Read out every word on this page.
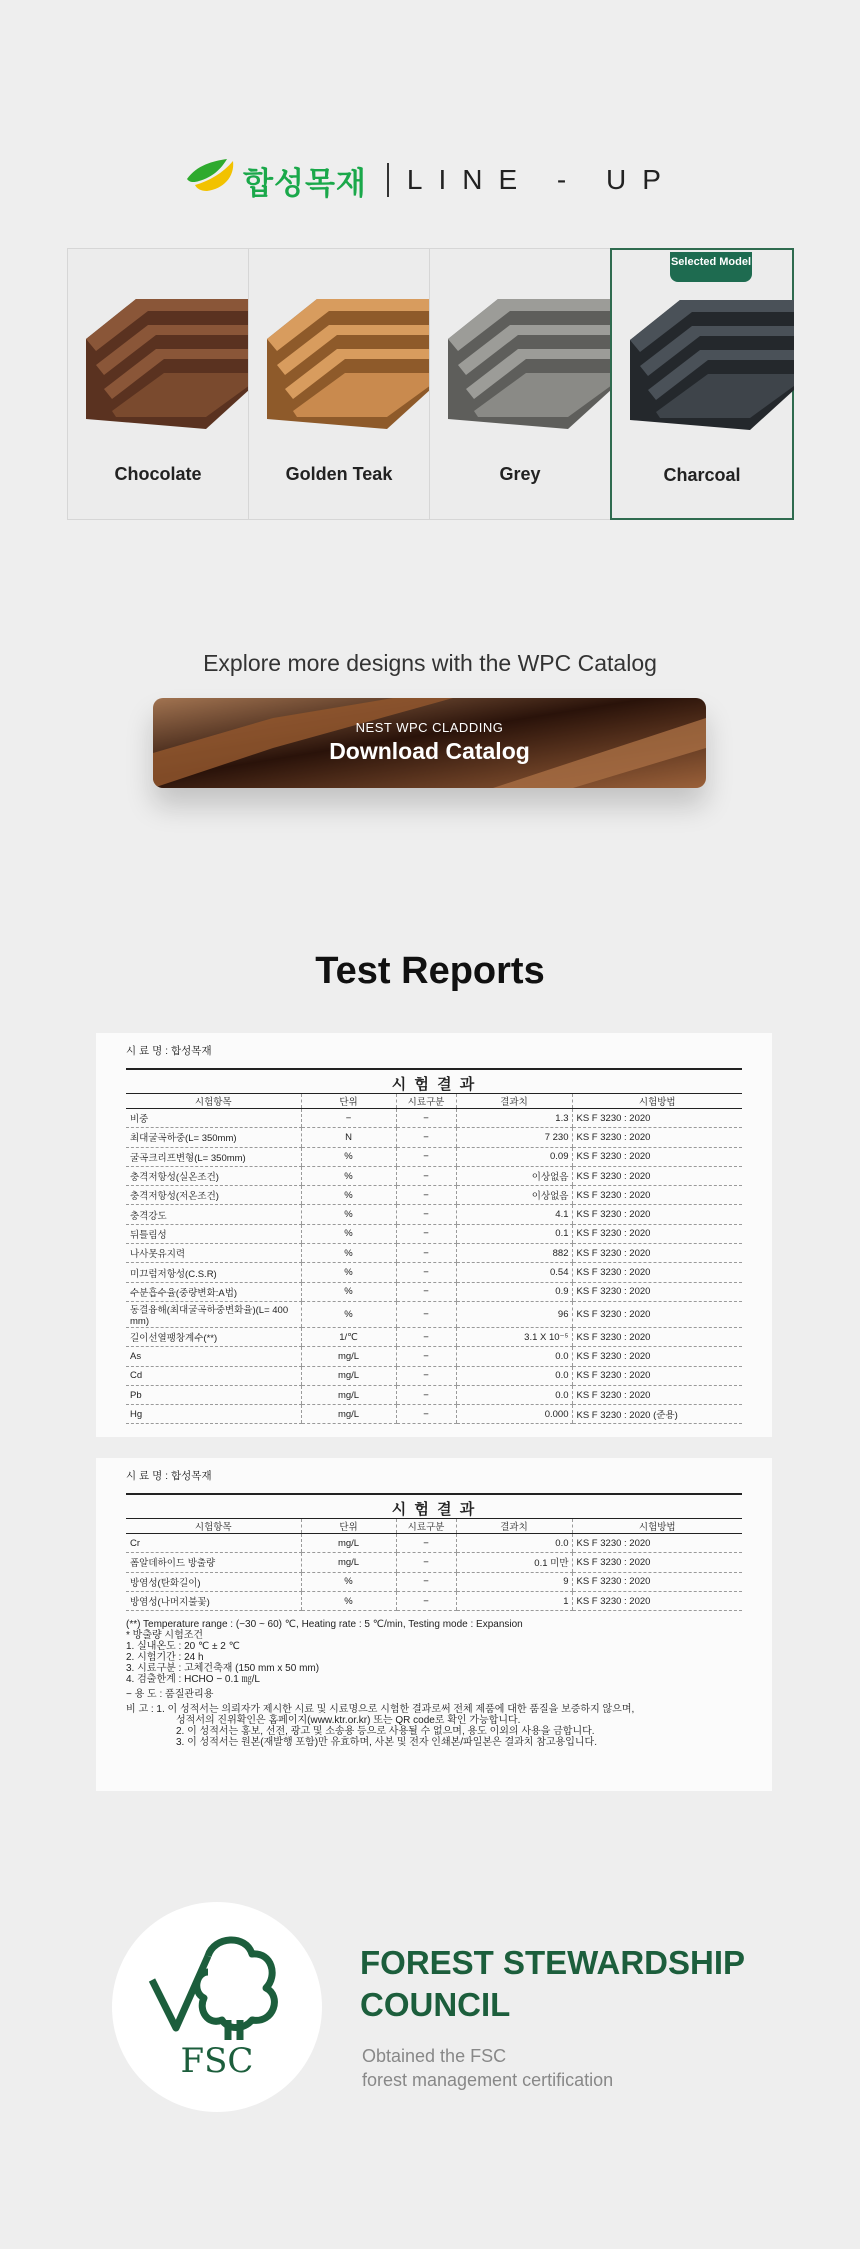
합성목재 LINE - UP
Chocolate	Golden Teak	Grey
Selected Model
Charcoal
Explore more designs with the WPC Catalog
NEST WPC CLADDING
Download Catalog
Test Reports
시 료 명 : 합성목재
시 험 결 과
시험항목	단위	시료구분	결과치	시험방법
비중	−	−	1.3	KS F 3230 : 2020
최대굴곡하중(L= 350mm)	N	−	7 230	KS F 3230 : 2020
굴곡크리프변형(L= 350mm)	%	−	0.09	KS F 3230 : 2020
충격저항성(실온조건)	%	−	이상없음	KS F 3230 : 2020
충격저항성(저온조건)	%	−	이상없음	KS F 3230 : 2020
충격강도	%	−	4.1	KS F 3230 : 2020
뒤틀림성	%	−	0.1	KS F 3230 : 2020
나사못유지력	%	−	882	KS F 3230 : 2020
미끄럼저항성(C.S.R)	%	−	0.54	KS F 3230 : 2020
수분흡수율(중량변화:A법)	%	−	0.9	KS F 3230 : 2020
동결융해(최대굴곡하중변화율)(L= 400 mm)	%	−	96	KS F 3230 : 2020
길이선열팽창계수(**)	1/℃	−	3.1 X 10⁻⁵	KS F 3230 : 2020
As	mg/L	−	0.0	KS F 3230 : 2020
Cd	mg/L	−	0.0	KS F 3230 : 2020
Pb	mg/L	−	0.0	KS F 3230 : 2020
Hg	mg/L	−	0.000	KS F 3230 : 2020 (준용)
시 료 명 : 합성목재
시 험 결 과
시험항목	단위	시료구분	결과치	시험방법
Cr	mg/L	−	0.0	KS F 3230 : 2020
폼알데하이드 방출량	mg/L	−	0.1 미만	KS F 3230 : 2020
방염성(탄화길이)	%	−	9	KS F 3230 : 2020
방염성(나머지불꽃)	%	−	1	KS F 3230 : 2020

(**) Temperature range : (−30 ~ 60) ℃, Heating rate : 5 ℃/min, Testing mode : Expansion

* 방출량 시험조건

1. 실내온도 : 20 ℃ ± 2 ℃

2. 시험기간 : 24 h

3. 시료구분 : 고체건축재 (150 mm x 50 mm)

4. 검출한계 : HCHO − 0.1 ㎎/L

− 용 도 : 품질관리용

비 고 : 1. 이 성적서는 의뢰자가 제시한 시료 및 시료명으로 시험한 결과로써 전체 제품에 대한 품질을 보증하지 않으며,

성적서의 진위확인은 홈페이지(www.ktr.or.kr) 또는 QR code로 확인 가능합니다.

2. 이 성적서는 홍보, 선전, 광고 및 소송용 등으로 사용될 수 없으며, 용도 이외의 사용을 금합니다.

3. 이 성적서는 원본(재발행 포함)만 유효하며, 사본 및 전자 인쇄본/파일본은 결과치 참고용입니다.

FSC
FOREST STEWARDSHIP
COUNCIL
Obtained the FSC
forest management certification
